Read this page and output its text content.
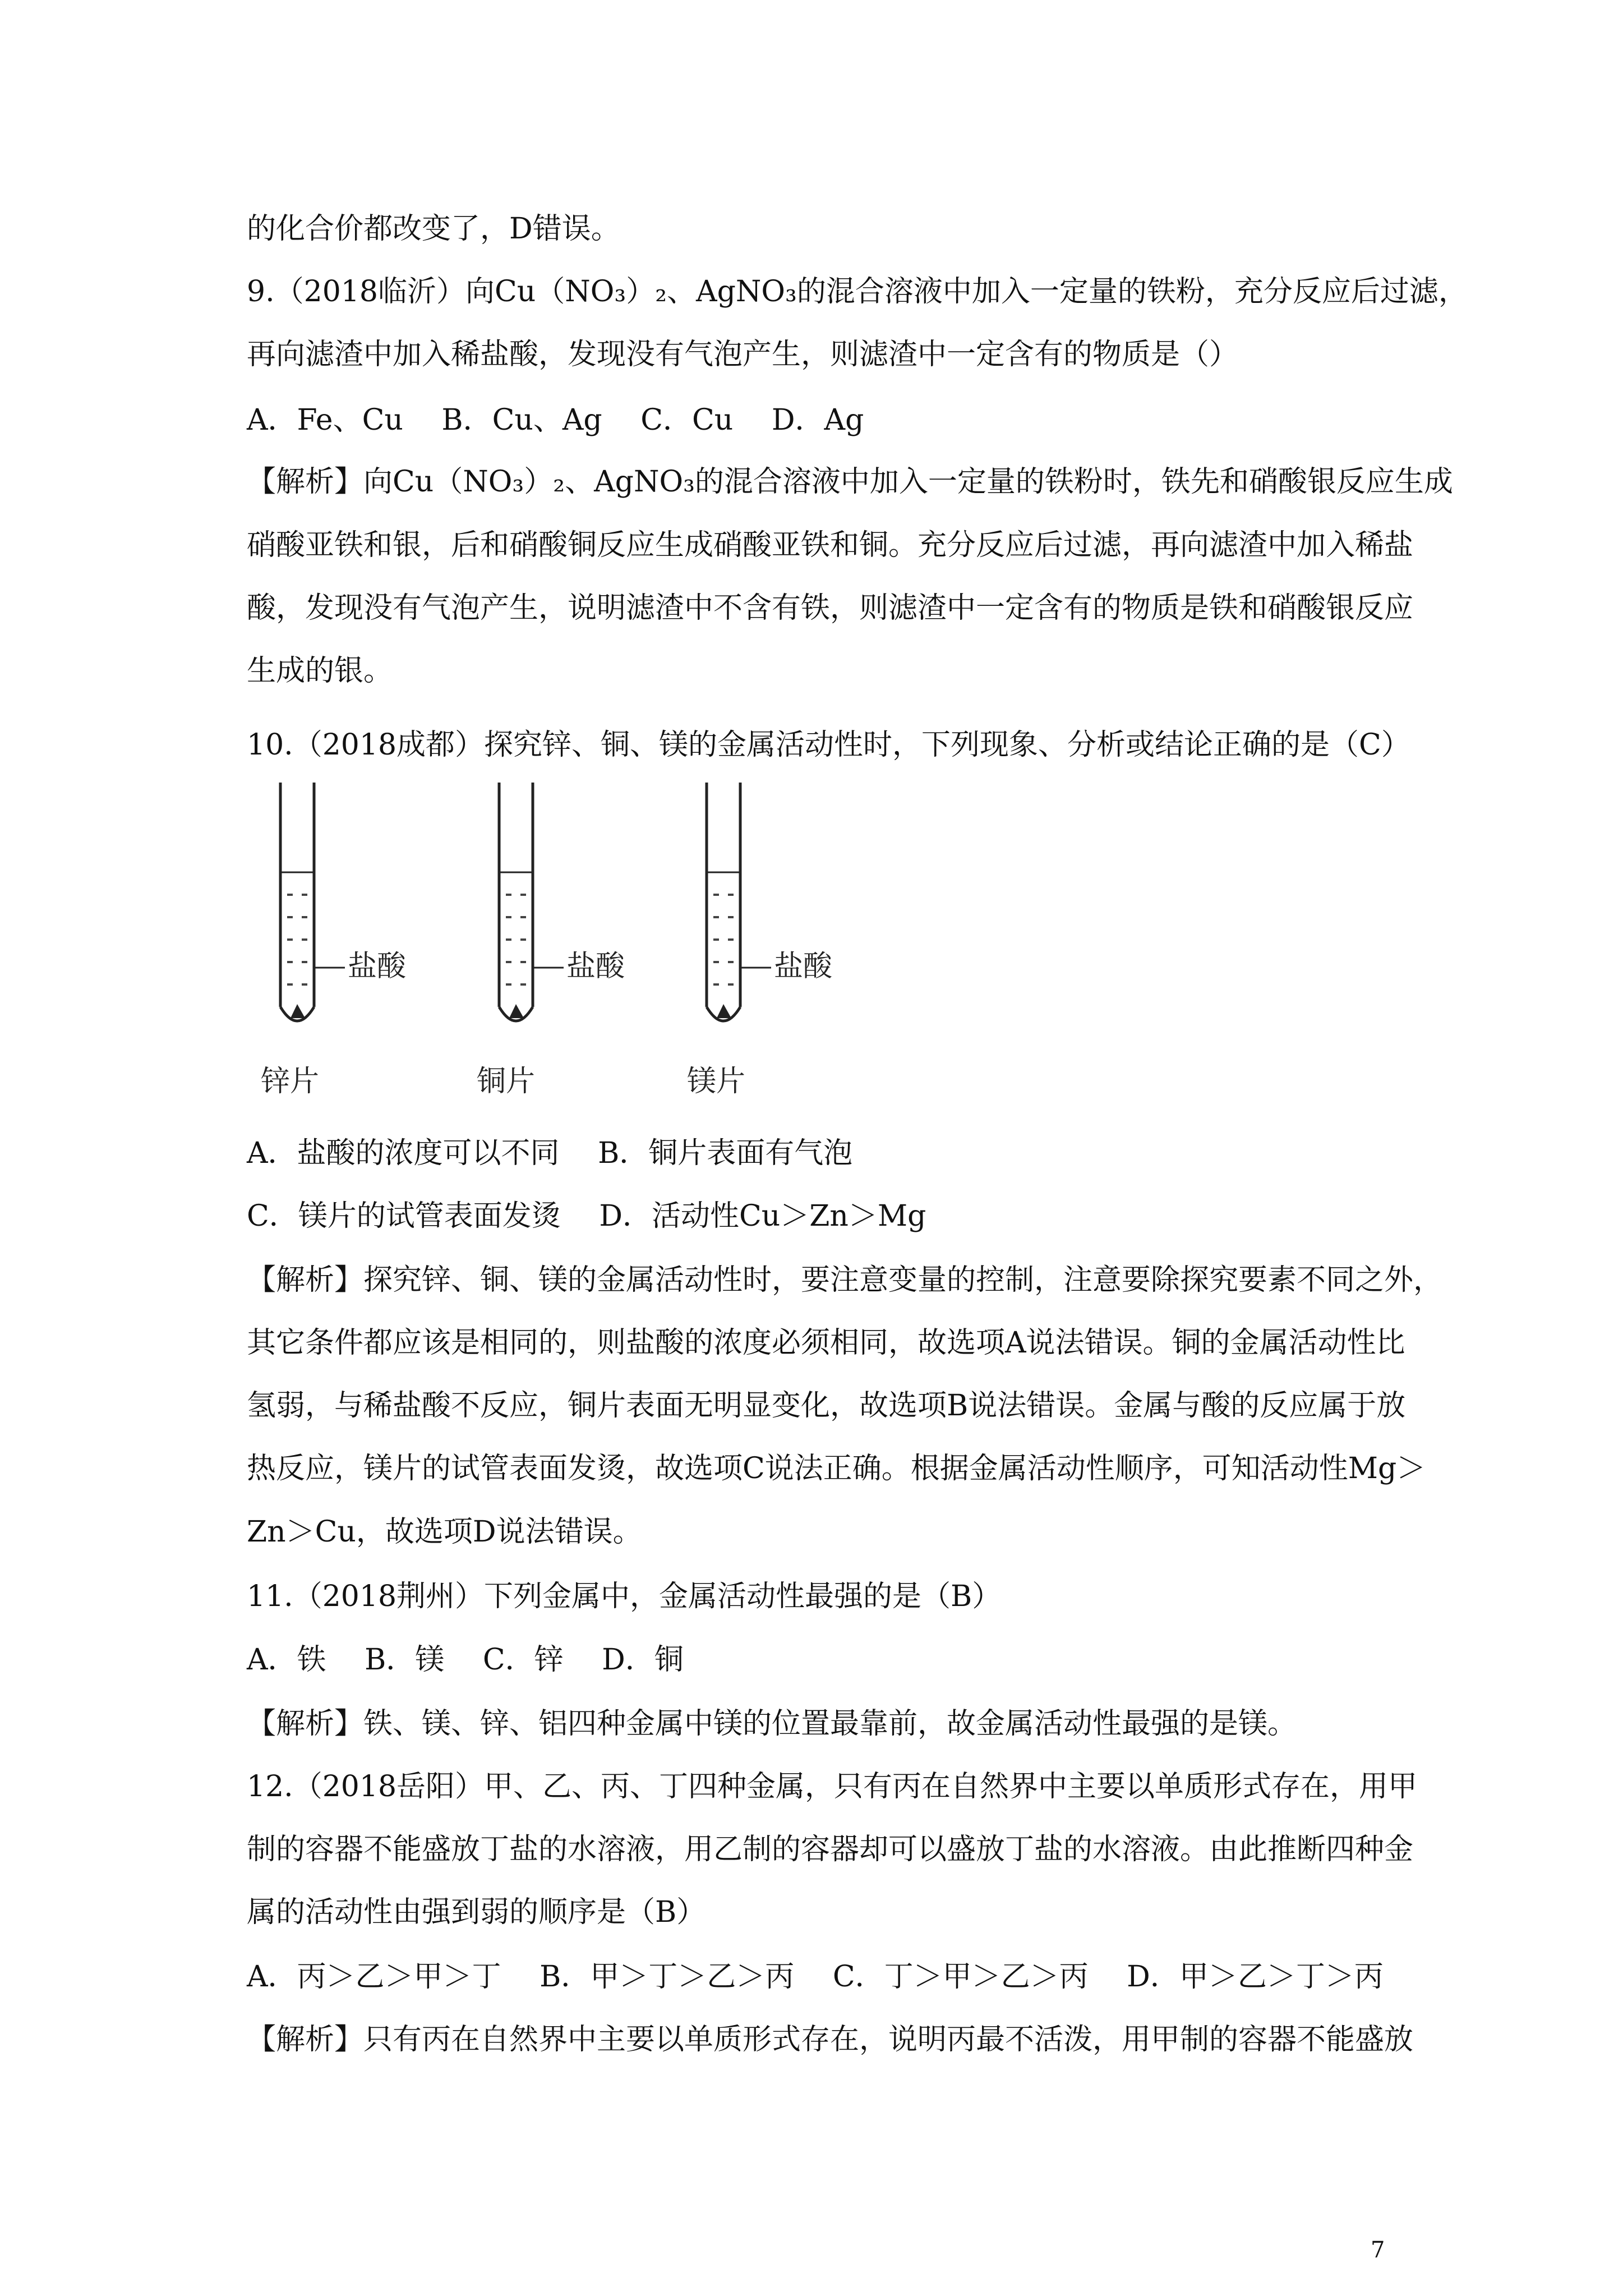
的化合价都改变了，D错误。
9.（2018临沂）向Cu（NO₃）₂、AgNO₃的混合溶液中加入一定量的铁粉，充分反应后过滤，
再向滤渣中加入稀盐酸，发现没有气泡产生，则滤渣中一定含有的物质是（）
A．Fe、Cu　 B．Cu、Ag　 C．Cu　 D．Ag
【解析】向Cu（NO₃）₂、AgNO₃的混合溶液中加入一定量的铁粉时，铁先和硝酸银反应生成
硝酸亚铁和银，后和硝酸铜反应生成硝酸亚铁和铜。充分反应后过滤，再向滤渣中加入稀盐
酸，发现没有气泡产生，说明滤渣中不含有铁，则滤渣中一定含有的物质是铁和硝酸银反应
生成的银。
10.（2018成都）探究锌、铜、镁的金属活动性时，下列现象、分析或结论正确的是（C）
盐酸	盐酸	盐酸
锌片	铜片	镁片
A．盐酸的浓度可以不同　 B．铜片表面有气泡
C．镁片的试管表面发烫　 D．活动性Cu＞Zn＞Mg
【解析】探究锌、铜、镁的金属活动性时，要注意变量的控制，注意要除探究要素不同之外，
其它条件都应该是相同的，则盐酸的浓度必须相同，故选项A说法错误。铜的金属活动性比
氢弱，与稀盐酸不反应，铜片表面无明显变化，故选项B说法错误。金属与酸的反应属于放
热反应，镁片的试管表面发烫，故选项C说法正确。根据金属活动性顺序，可知活动性Mg＞
Zn＞Cu，故选项D说法错误。
11.（2018荆州）下列金属中，金属活动性最强的是（B）
A．铁　 B．镁　 C．锌　 D．铜
【解析】铁、镁、锌、铝四种金属中镁的位置最靠前，故金属活动性最强的是镁。
12.（2018岳阳）甲、乙、丙、丁四种金属，只有丙在自然界中主要以单质形式存在，用甲
制的容器不能盛放丁盐的水溶液，用乙制的容器却可以盛放丁盐的水溶液。由此推断四种金
属的活动性由强到弱的顺序是（B）
A．丙＞乙＞甲＞丁　 B．甲＞丁＞乙＞丙　 C．丁＞甲＞乙＞丙　 D．甲＞乙＞丁＞丙
【解析】只有丙在自然界中主要以单质形式存在，说明丙最不活泼，用甲制的容器不能盛放
7
